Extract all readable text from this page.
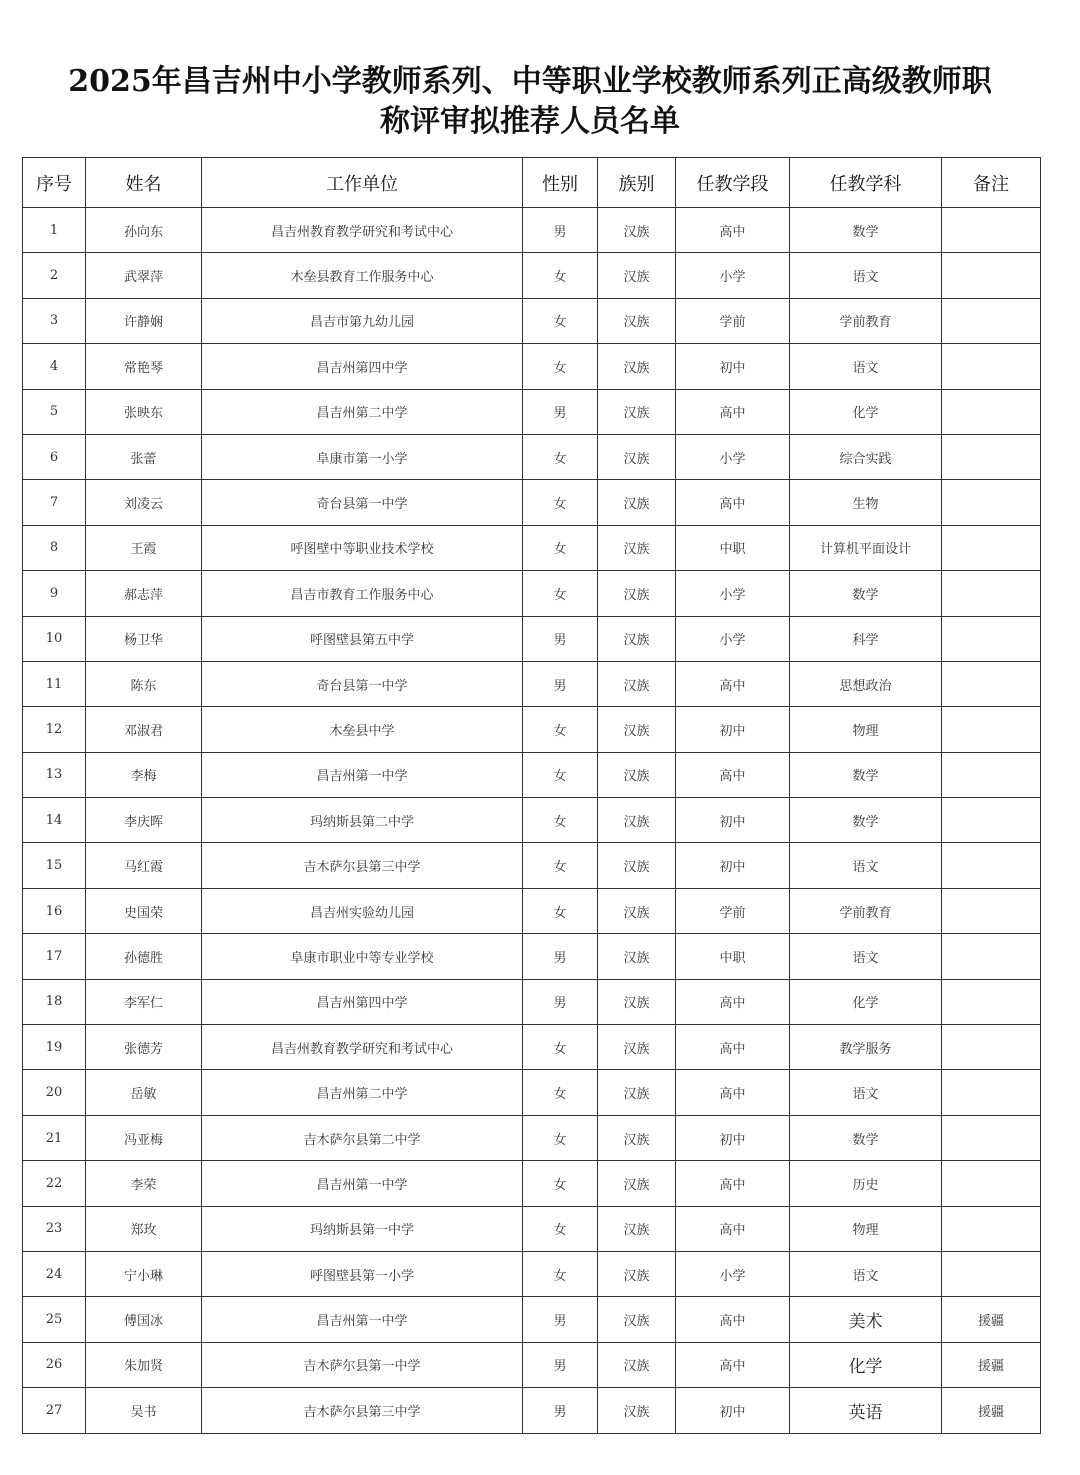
2025年昌吉州中小学教师系列、中等职业学校教师系列正高级教师职
称评审拟推荐人员名单
序号	姓名	工作单位	性别	族别	任教学段	任教学科	备注
1	孙向东	昌吉州教育教学研究和考试中心	男	汉族	高中	数学	
2	武翠萍	木垒县教育工作服务中心	女	汉族	小学	语文	
3	许静娴	昌吉市第九幼儿园	女	汉族	学前	学前教育	
4	常艳琴	昌吉州第四中学	女	汉族	初中	语文	
5	张映东	昌吉州第二中学	男	汉族	高中	化学	
6	张蕾	阜康市第一小学	女	汉族	小学	综合实践	
7	刘凌云	奇台县第一中学	女	汉族	高中	生物	
8	王霞	呼图壁中等职业技术学校	女	汉族	中职	计算机平面设计	
9	郝志萍	昌吉市教育工作服务中心	女	汉族	小学	数学	
10	杨卫华	呼图壁县第五中学	男	汉族	小学	科学	
11	陈东	奇台县第一中学	男	汉族	高中	思想政治	
12	邓淑君	木垒县中学	女	汉族	初中	物理	
13	李梅	昌吉州第一中学	女	汉族	高中	数学	
14	李庆晖	玛纳斯县第二中学	女	汉族	初中	数学	
15	马红霞	吉木萨尔县第三中学	女	汉族	初中	语文	
16	史国荣	昌吉州实验幼儿园	女	汉族	学前	学前教育	
17	孙德胜	阜康市职业中等专业学校	男	汉族	中职	语文	
18	李军仁	昌吉州第四中学	男	汉族	高中	化学	
19	张德芳	昌吉州教育教学研究和考试中心	女	汉族	高中	教学服务	
20	岳敏	昌吉州第二中学	女	汉族	高中	语文	
21	冯亚梅	吉木萨尔县第二中学	女	汉族	初中	数学	
22	李荣	昌吉州第一中学	女	汉族	高中	历史	
23	郑玫	玛纳斯县第一中学	女	汉族	高中	物理	
24	宁小琳	呼图壁县第一小学	女	汉族	小学	语文	
25	傅国冰	昌吉州第一中学	男	汉族	高中	美术	援疆
26	朱加贤	吉木萨尔县第一中学	男	汉族	高中	化学	援疆
27	吴书	吉木萨尔县第三中学	男	汉族	初中	英语	援疆
